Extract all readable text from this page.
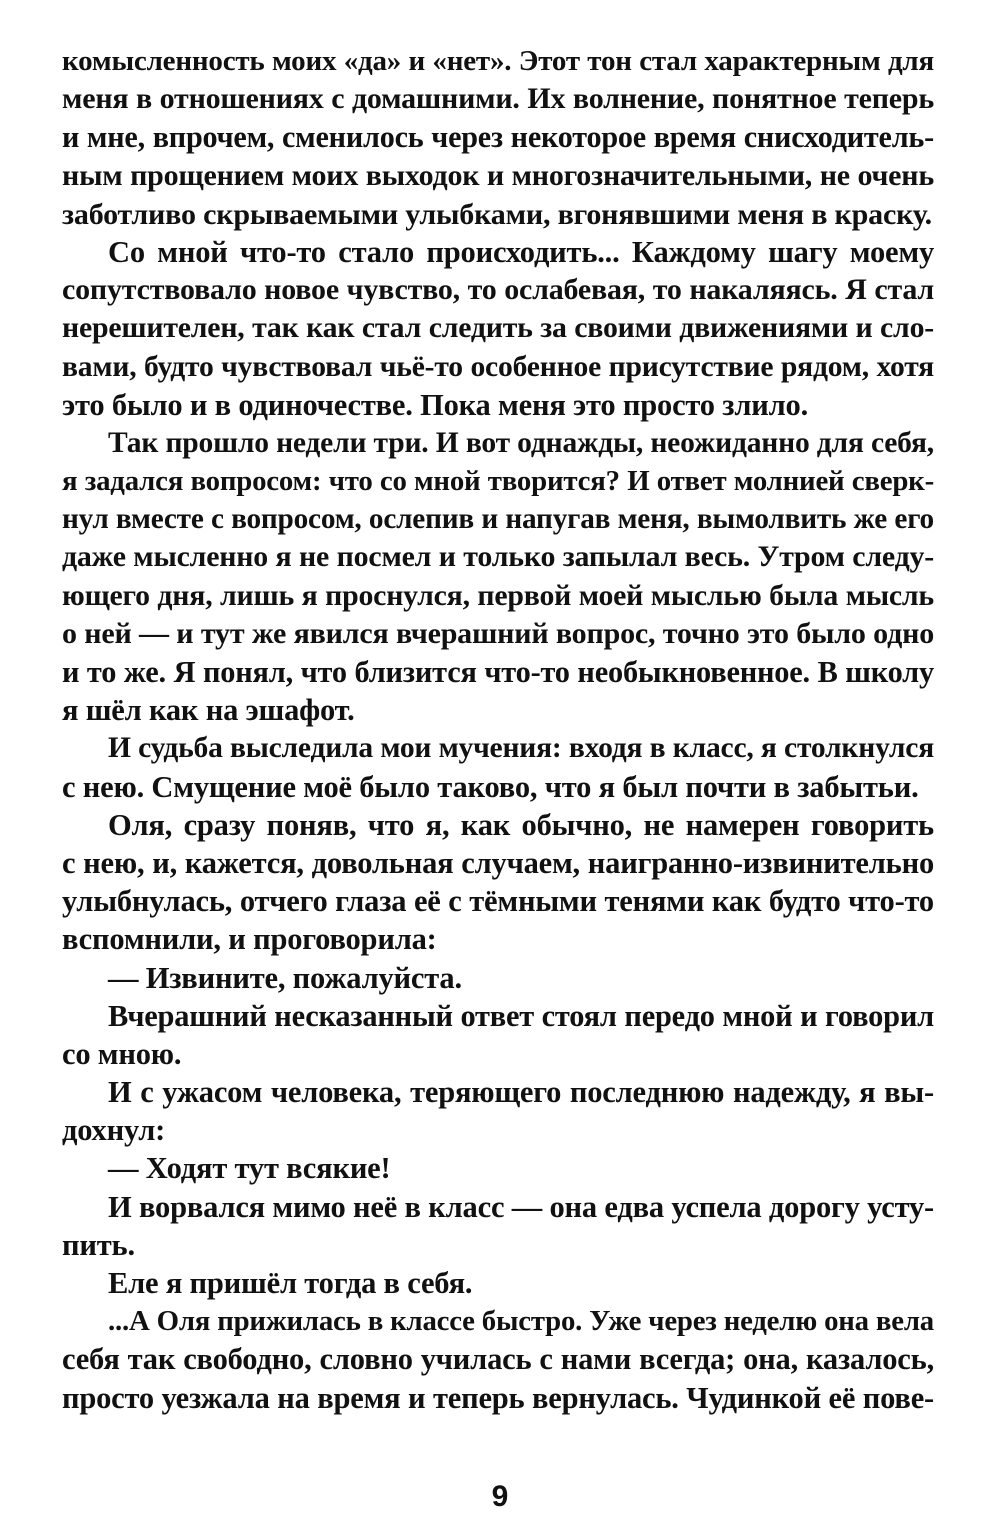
комысленность моих «да» и «нет». Этот тон стал характерным для
меня в отношениях с домашними. Их волнение, понятное теперь
и мне, впрочем, сменилось через некоторое время снисходитель-
ным прощением моих выходок и многозначительными, не очень
заботливо скрываемыми улыбками, вгонявшими меня в краску.
Со мной что-то стало происходить... Каждому шагу моему
сопутствовало новое чувство, то ослабевая, то накаляясь. Я стал
нерешителен, так как стал следить за своими движениями и сло-
вами, будто чувствовал чьё-то особенное присутствие рядом, хотя
это было и в одиночестве. Пока меня это просто злило.
Так прошло недели три. И вот однажды, неожиданно для себя,
я задался вопросом: что со мной творится? И ответ молнией сверк-
нул вместе с вопросом, ослепив и напугав меня, вымолвить же его
даже мысленно я не посмел и только запылал весь. Утром следу-
ющего дня, лишь я проснулся, первой моей мыслью была мысль
о ней — и тут же явился вчерашний вопрос, точно это было одно
и то же. Я понял, что близится что-то необыкновенное. В школу
я шёл как на эшафот.
И судьба выследила мои мучения: входя в класс, я столкнулся
с нею. Смущение моё было таково, что я был почти в забытьи.
Оля, сразу поняв, что я, как обычно, не намерен говорить
с нею, и, кажется, довольная случаем, наигранно-извинительно
улыбнулась, отчего глаза её с тёмными тенями как будто что-то
вспомнили, и проговорила:
— Извините, пожалуйста.
Вчерашний несказанный ответ стоял передо мной и говорил
со мною.
И с ужасом человека, теряющего последнюю надежду, я вы-
дохнул:
— Ходят тут всякие!
И ворвался мимо неё в класс — она едва успела дорогу усту-
пить.
Еле я пришёл тогда в себя.
...А Оля прижилась в классе быстро. Уже через неделю она вела
себя так свободно, словно училась с нами всегда; она, казалось,
просто уезжала на время и теперь вернулась. Чудинкой её пове-
9
